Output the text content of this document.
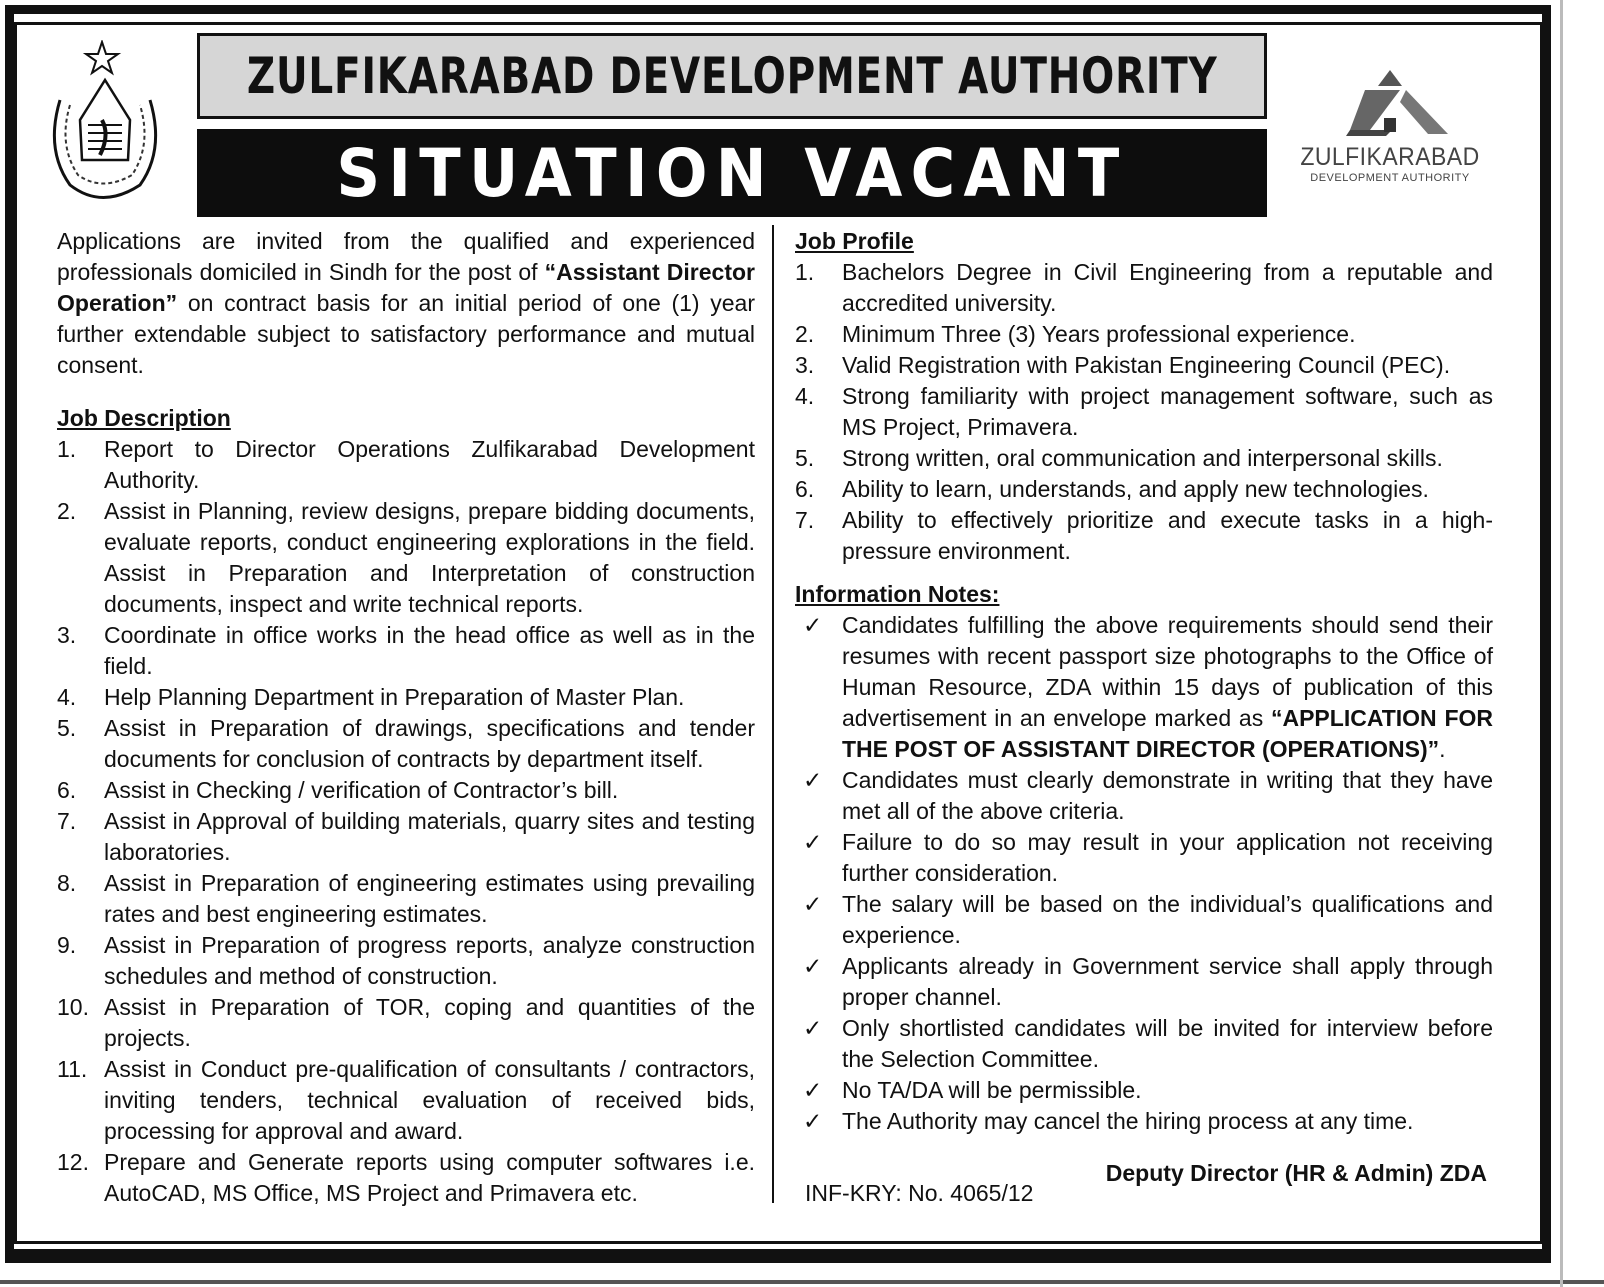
ZULFIKARABAD DEVELOPMENT AUTHORITY
SITUATION VACANT	ZULFIKARABAD
DEVELOPMENT AUTHORITY

Applications are invited from the qualified and experienced professionals domiciled in Sindh for the post of “Assistant Director Operation” on contract basis for an initial period of one (1) year further extendable subject to satisfactory performance and mutual consent.

Job Description
1.	Report to Director Operations Zulfikarabad Development Authority.
2.	Assist in Planning, review designs, prepare bidding documents, evaluate reports, conduct engineering explorations in the field. Assist in Preparation and Interpretation of construction documents, inspect and write technical reports.
3.	Coordinate in office works in the head office as well as in the field.
4.	Help Planning Department in Preparation of Master Plan.
5.	Assist in Preparation of drawings, specifications and tender documents for conclusion of contracts by department itself.
6.	Assist in Checking / verification of Contractor’s bill.
7.	Assist in Approval of building materials, quarry sites and testing laboratories.
8.	Assist in Preparation of engineering estimates using prevailing rates and best engineering estimates.
9.	Assist in Preparation of progress reports, analyze construction schedules and method of construction.
10. Assist in Preparation of TOR, coping and quantities of the projects.
11. Assist in Conduct pre-qualification of consultants / contractors, inviting tenders, technical evaluation of received bids, processing for approval and award.
12. Prepare and Generate reports using computer softwares i.e. AutoCAD, MS Office, MS Project and Primavera etc.
Job Profile
1.	Bachelors Degree in Civil Engineering from a reputable and accredited university.
2.	Minimum Three (3) Years professional experience.
3.	Valid Registration with Pakistan Engineering Council (PEC).
4.	Strong familiarity with project management software, such as MS Project, Primavera.
5.	Strong written, oral communication and interpersonal skills.
6.	Ability to learn, understands, and apply new technologies.
7.	Ability to effectively prioritize and execute tasks in a high-pressure environment.
Information Notes:
✓ Candidates fulfilling the above requirements should send their resumes with recent passport size photographs to the Office of Human Resource, ZDA within 15 days of publication of this advertisement in an envelope marked as “APPLICATION FOR THE POST OF ASSISTANT DIRECTOR (OPERATIONS)”.
✓ Candidates must clearly demonstrate in writing that they have met all of the above criteria.
✓ Failure to do so may result in your application not receiving further consideration.
✓ The salary will be based on the individual’s qualifications and experience.
✓ Applicants already in Government service shall apply through proper channel.
✓ Only shortlisted candidates will be invited for interview before the Selection Committee.
✓ No TA/DA will be permissible.
✓ The Authority may cancel the hiring process at any time.
INF-KRY: No. 4065/12
Deputy Director (HR & Admin) ZDA
